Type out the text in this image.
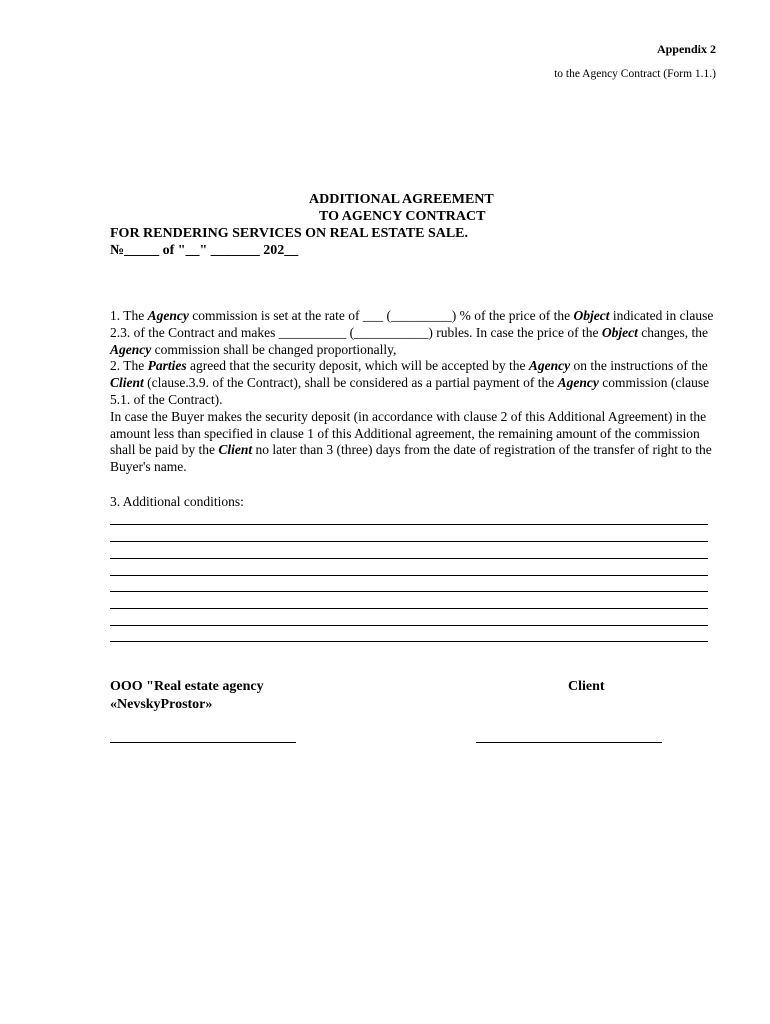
Appendix 2
to the Agency Contract (Form 1.1.)
ADDITIONAL AGREEMENT
TO AGENCY CONTRACT
FOR RENDERING SERVICES ON REAL ESTATE SALE.
№_____ of "__" _______ 202__

1. The Agency commission is set at the rate of ___ (_________) % of the price of the Object indicated in clause 2.3. of the Contract and makes __________ (___________) rubles. In case the price of the Object changes, the Agency commission shall be changed proportionally,

2. The Parties agreed that the security deposit, which will be accepted by the Agency on the instructions of the Client (clause.3.9. of the Contract), shall be considered as a partial payment of the Agency commission (clause 5.1. of the Contract).

In case the Buyer makes the security deposit (in accordance with clause 2 of this Additional Agreement) in the amount less than specified in clause 1 of this Additional agreement, the remaining amount of the commission shall be paid by the Client no later than 3 (three) days from the date of registration of the transfer of right to the Buyer's name.

3. Additional conditions:
OOO "Real estate agency
«NevskyProstor»
Client
